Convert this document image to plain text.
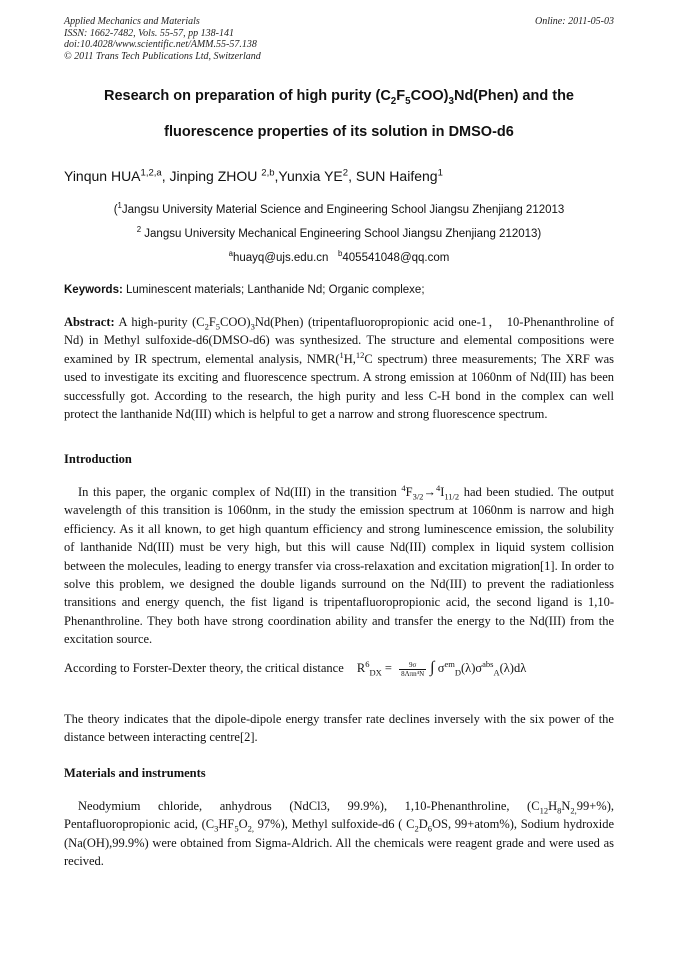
Applied Mechanics and Materials
ISSN: 1662-7482, Vols. 55-57, pp 138-141
doi:10.4028/www.scientific.net/AMM.55-57.138
© 2011 Trans Tech Publications Ltd, Switzerland
Online: 2011-05-03
Research on preparation of high purity $(C_2F_5COO)_3Nd(Phen)$ and the
fluorescence properties of its solution in DMSO-d6
Yinqun HUA$^{1,2,a}$, Jinping ZHOU $^{2,b}$,Yunxia $YE^2$, SUN Haifeng$^1$
($^1$Jangsu University Material Science and Engineering School Jiangsu Zhenjiang 212013
$^2$ Jangsu University Mechanical Engineering School Jiangsu Zhenjiang 212013)
$^a$huayq@ujs.edu.cn $^b$405541048@qq.com
Keywords: Luminescent materials; Lanthanide Nd; Organic complexe;
Abstract: A high-purity $(C_2F_5COO)_3Nd(Phen)$ (tripentafluoropropionic acid one-1， 10-Phenanthroline of Nd) in Methyl sulfoxide-d6(DMSO-d6) was synthesized. The structure and elemental compositions were examined by IR spectrum, elemental analysis, NMR($^1$H,$^{12}$C spectrum) three measurements; The XRF was used to investigate its exciting and fluorescence spectrum. A strong emission at 1060nm of Nd(III) has been successfully got. According to the research, the high purity and less C-H bond in the complex can well protect the lanthanide Nd(III) which is helpful to get a narrow and strong fluorescence spectrum.
Introduction
In this paper, the organic complex of Nd(III) in the transition $^4F_{3/2}\to^4I_{11/2}$ had been studied. The output wavelength of this transition is 1060nm, in the study the emission spectrum at 1060nm is narrow and high efficiency. As it all known, to get high quantum efficiency and strong luminescence emission, the solubility of lanthanide Nd(III) must be very high, but this will cause Nd(III) complex in liquid system collision between the molecules, leading to energy transfer via cross-relaxation and excitation migration[1]. In order to solve this problem, we designed the double ligands surround on the Nd(III) to prevent the radiationless transitions and energy quench, the fist ligand is tripentafluoropropionic acid, the second ligand is 1,10-Phenanthroline. They both have strong coordination ability and transfer the energy to the Nd(III) from the excitation source.
According to Forster-Dexter theory, the critical distance $R^6_{DX} = \frac{9\sigma}{\text{8Λπn⁴N}}$ ∫ $\sigma^{em}_D(\lambda)\sigma^{abs}_A(\lambda)d\lambda$
The theory indicates that the dipole-dipole energy transfer rate declines inversely with the six power of the distance between interacting centre[2].
Materials and instruments
Neodymium chloride, anhydrous (NdCl3, 99.9%), 1,10-Phenanthroline, $(C_{12}H_8N_{2,}99+\%)$, Pentafluoropropionic acid, ($C_3HF_5O_{2,}$ 97%), Methyl sulfoxide-d6 ( $C_2D_6OS$, 99+atom%), Sodium hydroxide (Na(OH),99.9%) were obtained from Sigma-Aldrich. All the chemicals were reagent grade and were used as recived.
